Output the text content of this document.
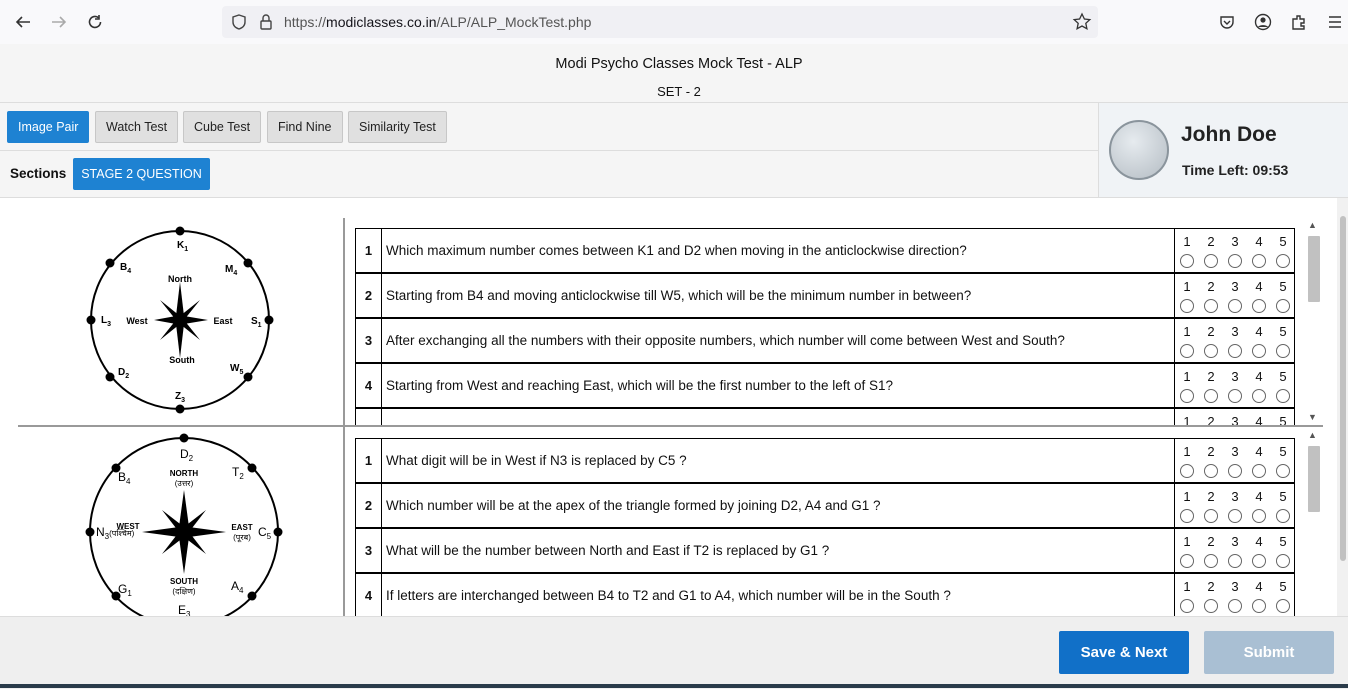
https://modiclasses.co.in/ALP/ALP_MockTest.php
Modi Psycho Classes Mock Test - ALP
SET - 2
Image Pair	Watch Test	Cube Test	Find Nine	Similarity Test
Sections	STAGE 2 QUESTION
John Doe
Time Left: 09:53
North
South
West	East
$K_1$
$M_4$
$S_1$
$W_5$
$Z_3$
$D_2$
$L_3$
$B_4$
NORTH
(उत्तर)
SOUTH
(दक्षिण)
WEST	EAST
(पूरब)
$D_2$
$T_2$
$C_5$
$A_4$
$E_3$
$G_1$
$N_3^{(पश्चिम)}$
$B_4$
1	Which maximum number comes between K1 and D2 when moving in the anticlockwise direction?
1	2	3	4	5
2	Starting from B4 and moving anticlockwise till W5, which will be the minimum number in between?
1	2	3	4	5
3	After exchanging all the numbers with their opposite numbers, which number will come between West and South?
1	2	3	4	5
4	Starting from West and reaching East, which will be the first number to the left of S1?
1	2	3	4	5
1	2	3	4	5
▲
▼
1	What digit will be in West if N3 is replaced by C5 ?
1	2	3	4	5
2	Which number will be at the apex of the triangle formed by joining D2, A4 and G1 ?
1	2	3	4	5
3	What will be the number between North and East if T2 is replaced by G1 ?
1	2	3	4	5
4	If letters are interchanged between B4 to T2 and G1 to A4, which number will be in the South ?
1	2	3	4	5
▲
Save & Next	Submit
